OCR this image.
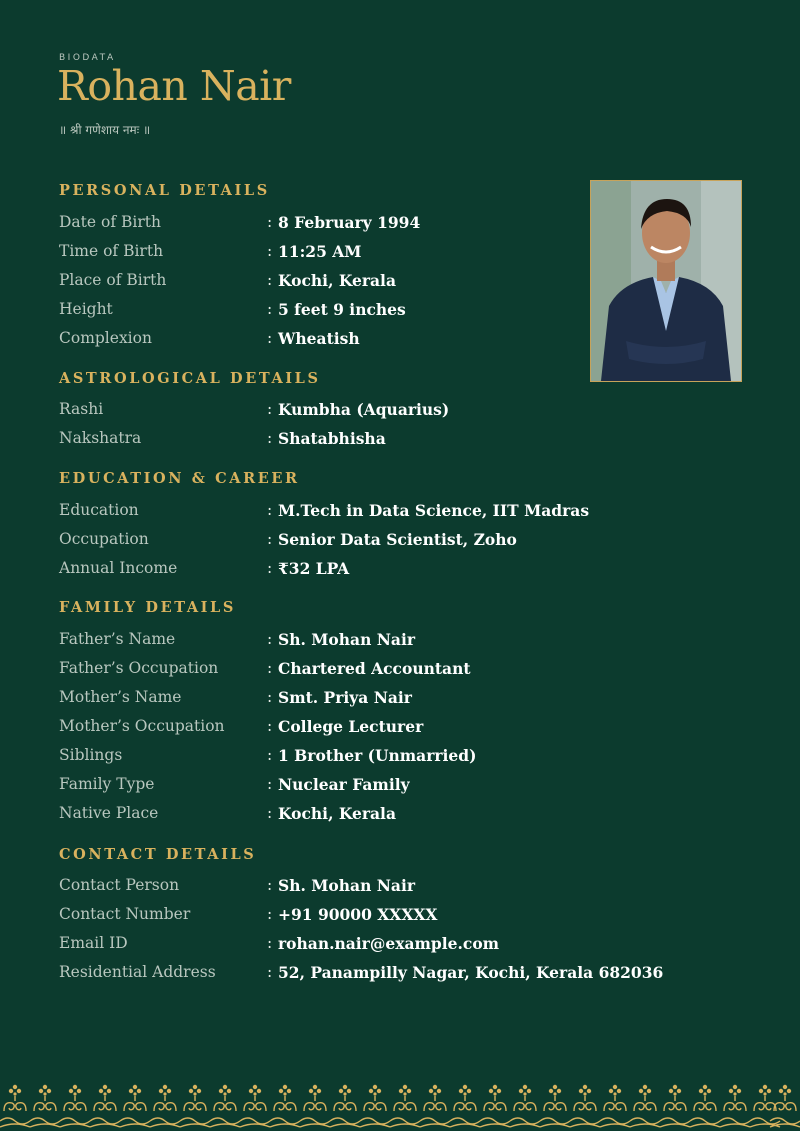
BIODATA
Rohan Nair
॥ श्री गणेशाय नमः ॥
PERSONAL DETAILS
Date of Birth	: 8 February 1994
Time of Birth	: 11:25 AM
Place of Birth	: Kochi, Kerala
Height	: 5 feet 9 inches
Complexion	: Wheatish
ASTROLOGICAL DETAILS
Rashi	: Kumbha (Aquarius)
Nakshatra	: Shatabhisha
EDUCATION & CAREER
Education	: M.Tech in Data Science, IIT Madras
Occupation	: Senior Data Scientist, Zoho
Annual Income	: ₹32 LPA
FAMILY DETAILS
Father’s Name	: Sh. Mohan Nair
Father’s Occupation	: Chartered Accountant
Mother’s Name	: Smt. Priya Nair
Mother’s Occupation	: College Lecturer
Siblings	: 1 Brother (Unmarried)
Family Type	: Nuclear Family
Native Place	: Kochi, Kerala
CONTACT DETAILS
Contact Person	: Sh. Mohan Nair
Contact Number	: +91 90000 XXXXX
Email ID	: rohan.nair@example.com
Residential Address	: 52, Panampilly Nagar, Kochi, Kerala 682036
